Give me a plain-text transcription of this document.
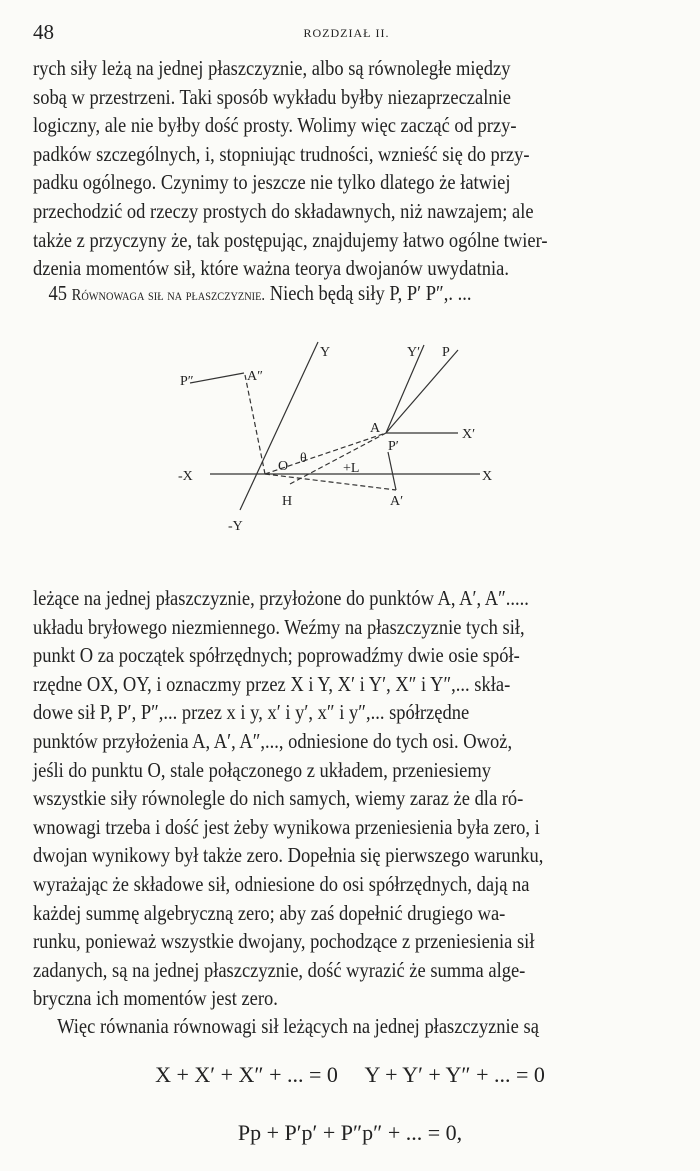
48	ROZDZIAŁ II.
rych siły leżą na jednej płaszczyznie, albo są równoległe między
sobą w przestrzeni. Taki sposób wykładu byłby niezaprzeczalnie
logiczny, ale nie byłby dość prosty. Wolimy więc zacząć od przy-
padków szczególnych, i, stopniując trudności, wznieść się do przy-
padku ogólnego. Czynimy to jeszcze nie tylko dlatego że łatwiej
przechodzić od rzeczy prostych do składawnych, niż nawzajem; ale
także z przyczyny że, tak postępując, znajdujemy łatwo ogólne twier-
dzenia momentów sił, które ważna teorya dwojanów uwydatnia.
45 Równowaga sił na płaszczyznie. Niech będą siły P, P′ P″,. ...
P″	A″
Y	Y′ P
A	X′
P′
θ
O
-X	X
+L
H	A′
-Y
leżące na jednej płaszczyznie, przyłożone do punktów A, A′, A″.....
układu bryłowego niezmiennego. Weźmy na płaszczyznie tych sił,
punkt O za początek spółrzędnych; poprowadźmy dwie osie spół-
rzędne OX, OY, i oznaczmy przez X i Y, X′ i Y′, X″ i Y″,... skła-
dowe sił P, P′, P″,... przez x i y, x′ i y′, x″ i y″,... spółrzędne
punktów przyłożenia A, A′, A″,..., odniesione do tych osi. Owoż,
jeśli do punktu O, stale połączonego z układem, przeniesiemy
wszystkie siły równolegle do nich samych, wiemy zaraz że dla ró-
wnowagi trzeba i dość jest żeby wynikowa przeniesienia była zero, i
dwojan wynikowy był także zero. Dopełnia się pierwszego warunku,
wyrażając że składowe sił, odniesione do osi spółrzędnych, dają na
każdej summę algebryczną zero; aby zaś dopełnić drugiego wa-
runku, ponieważ wszystkie dwojany, pochodzące z przeniesienia sił
zadanych, są na jednej płaszczyznie, dość wyrazić że summa alge-
bryczna ich momentów jest zero.
Więc równania równowagi sił leżących na jednej płaszczyznie są
X + X′ + X″ + ... = 0     Y + Y′ + Y″ + ... = 0
Pp + P′p′ + P″p″ + ... = 0,
